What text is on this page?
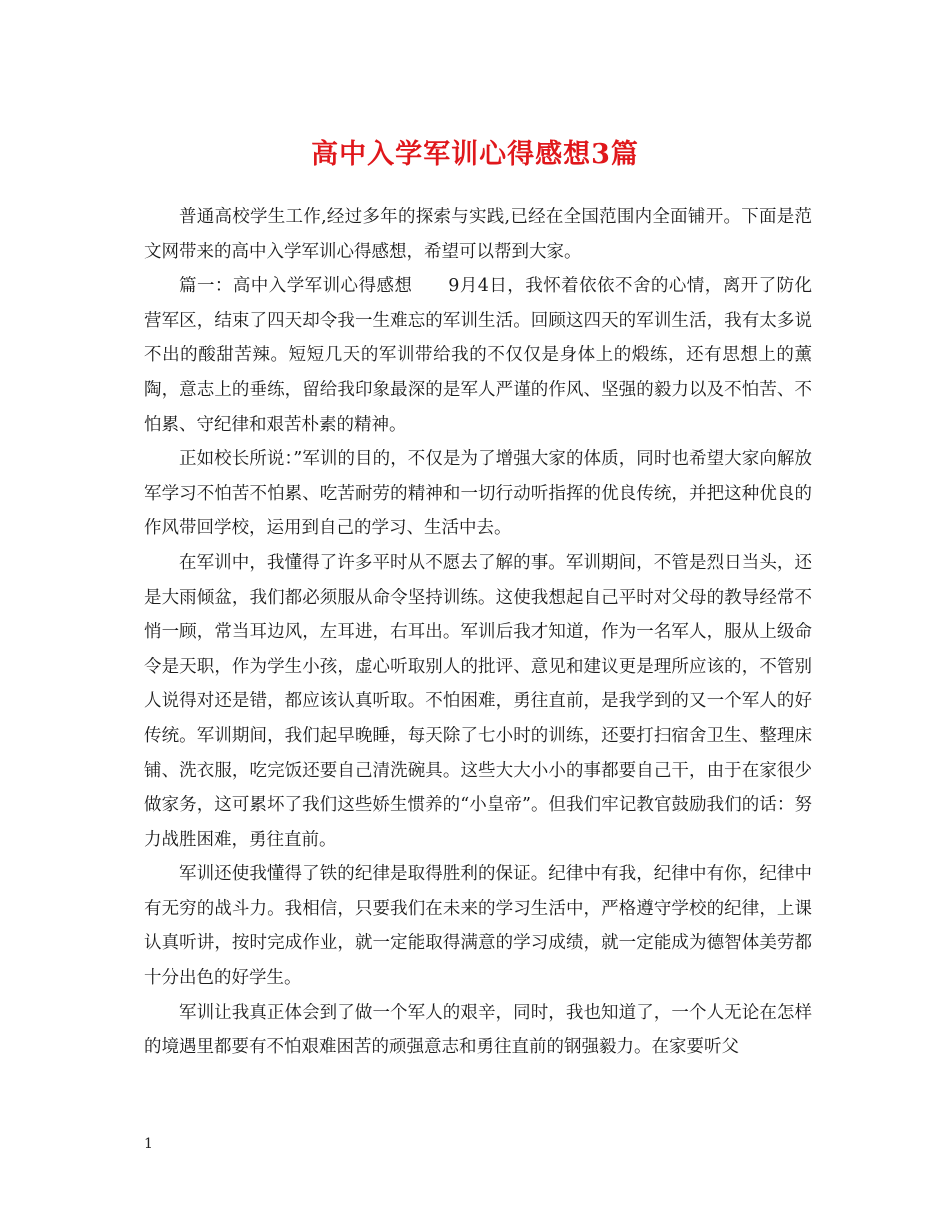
高中入学军训心得感想3篇

普通高校学生工作,经过多年的探索与实践,已经在全国范围内全面铺开。下面是范文网带来的高中入学军训心得感想，希望可以帮到大家。

篇一：高中入学军训心得感想　　9月4日，我怀着依依不舍的心情，离开了防化营军区，结束了四天却令我一生难忘的军训生活。回顾这四天的军训生活，我有太多说不出的酸甜苦辣。短短几天的军训带给我的不仅仅是身体上的煅练，还有思想上的薰陶，意志上的垂练，留给我印象最深的是军人严谨的作风、坚强的毅力以及不怕苦、不怕累、守纪律和艰苦朴素的精神。

正如校长所说：”军训的目的，不仅是为了增强大家的体质，同时也希望大家向解放军学习不怕苦不怕累、吃苦耐劳的精神和一切行动听指挥的优良传统，并把这种优良的作风带回学校，运用到自己的学习、生活中去。

在军训中，我懂得了许多平时从不愿去了解的事。军训期间，不管是烈日当头，还是大雨倾盆，我们都必须服从命令坚持训练。这使我想起自己平时对父母的教导经常不悄一顾，常当耳边风，左耳进，右耳出。军训后我才知道，作为一名军人，服从上级命令是天职，作为学生小孩，虚心听取别人的批评、意见和建议更是理所应该的，不管别人说得对还是错，都应该认真听取。不怕困难，勇往直前，是我学到的又一个军人的好传统。军训期间，我们起早晚睡，每天除了七小时的训练，还要打扫宿舍卫生、整理床铺、洗衣服，吃完饭还要自己清洗碗具。这些大大小小的事都要自己干，由于在家很少做家务，这可累坏了我们这些娇生惯养的“小皇帝”。但我们牢记教官鼓励我们的话：努力战胜困难，勇往直前。

军训还使我懂得了铁的纪律是取得胜利的保证。纪律中有我，纪律中有你，纪律中有无穷的战斗力。我相信，只要我们在未来的学习生活中，严格遵守学校的纪律，上课认真听讲，按时完成作业，就一定能取得满意的学习成绩，就一定能成为德智体美劳都十分出色的好学生。

军训让我真正体会到了做一个军人的艰辛，同时，我也知道了，一个人无论在怎样的境遇里都要有不怕艰难困苦的顽强意志和勇往直前的钢强毅力。在家要听父

1
